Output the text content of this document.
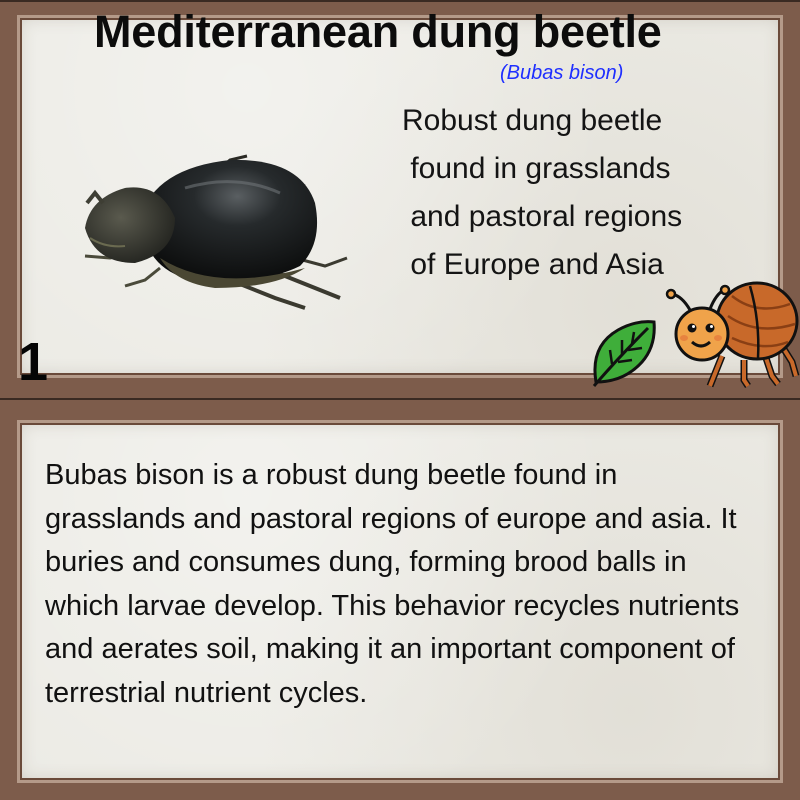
Mediterranean dung beetle
(Bubas bison)
Robust dung beetle
found in grasslands
and pastoral regions
of Europe and Asia
1
Bubas bison is a robust dung beetle found in grasslands and pastoral regions of europe and asia. It buries and consumes dung, forming brood balls in which larvae develop. This behavior recycles nutrients and aerates soil, making it an important component of terrestrial nutrient cycles.
